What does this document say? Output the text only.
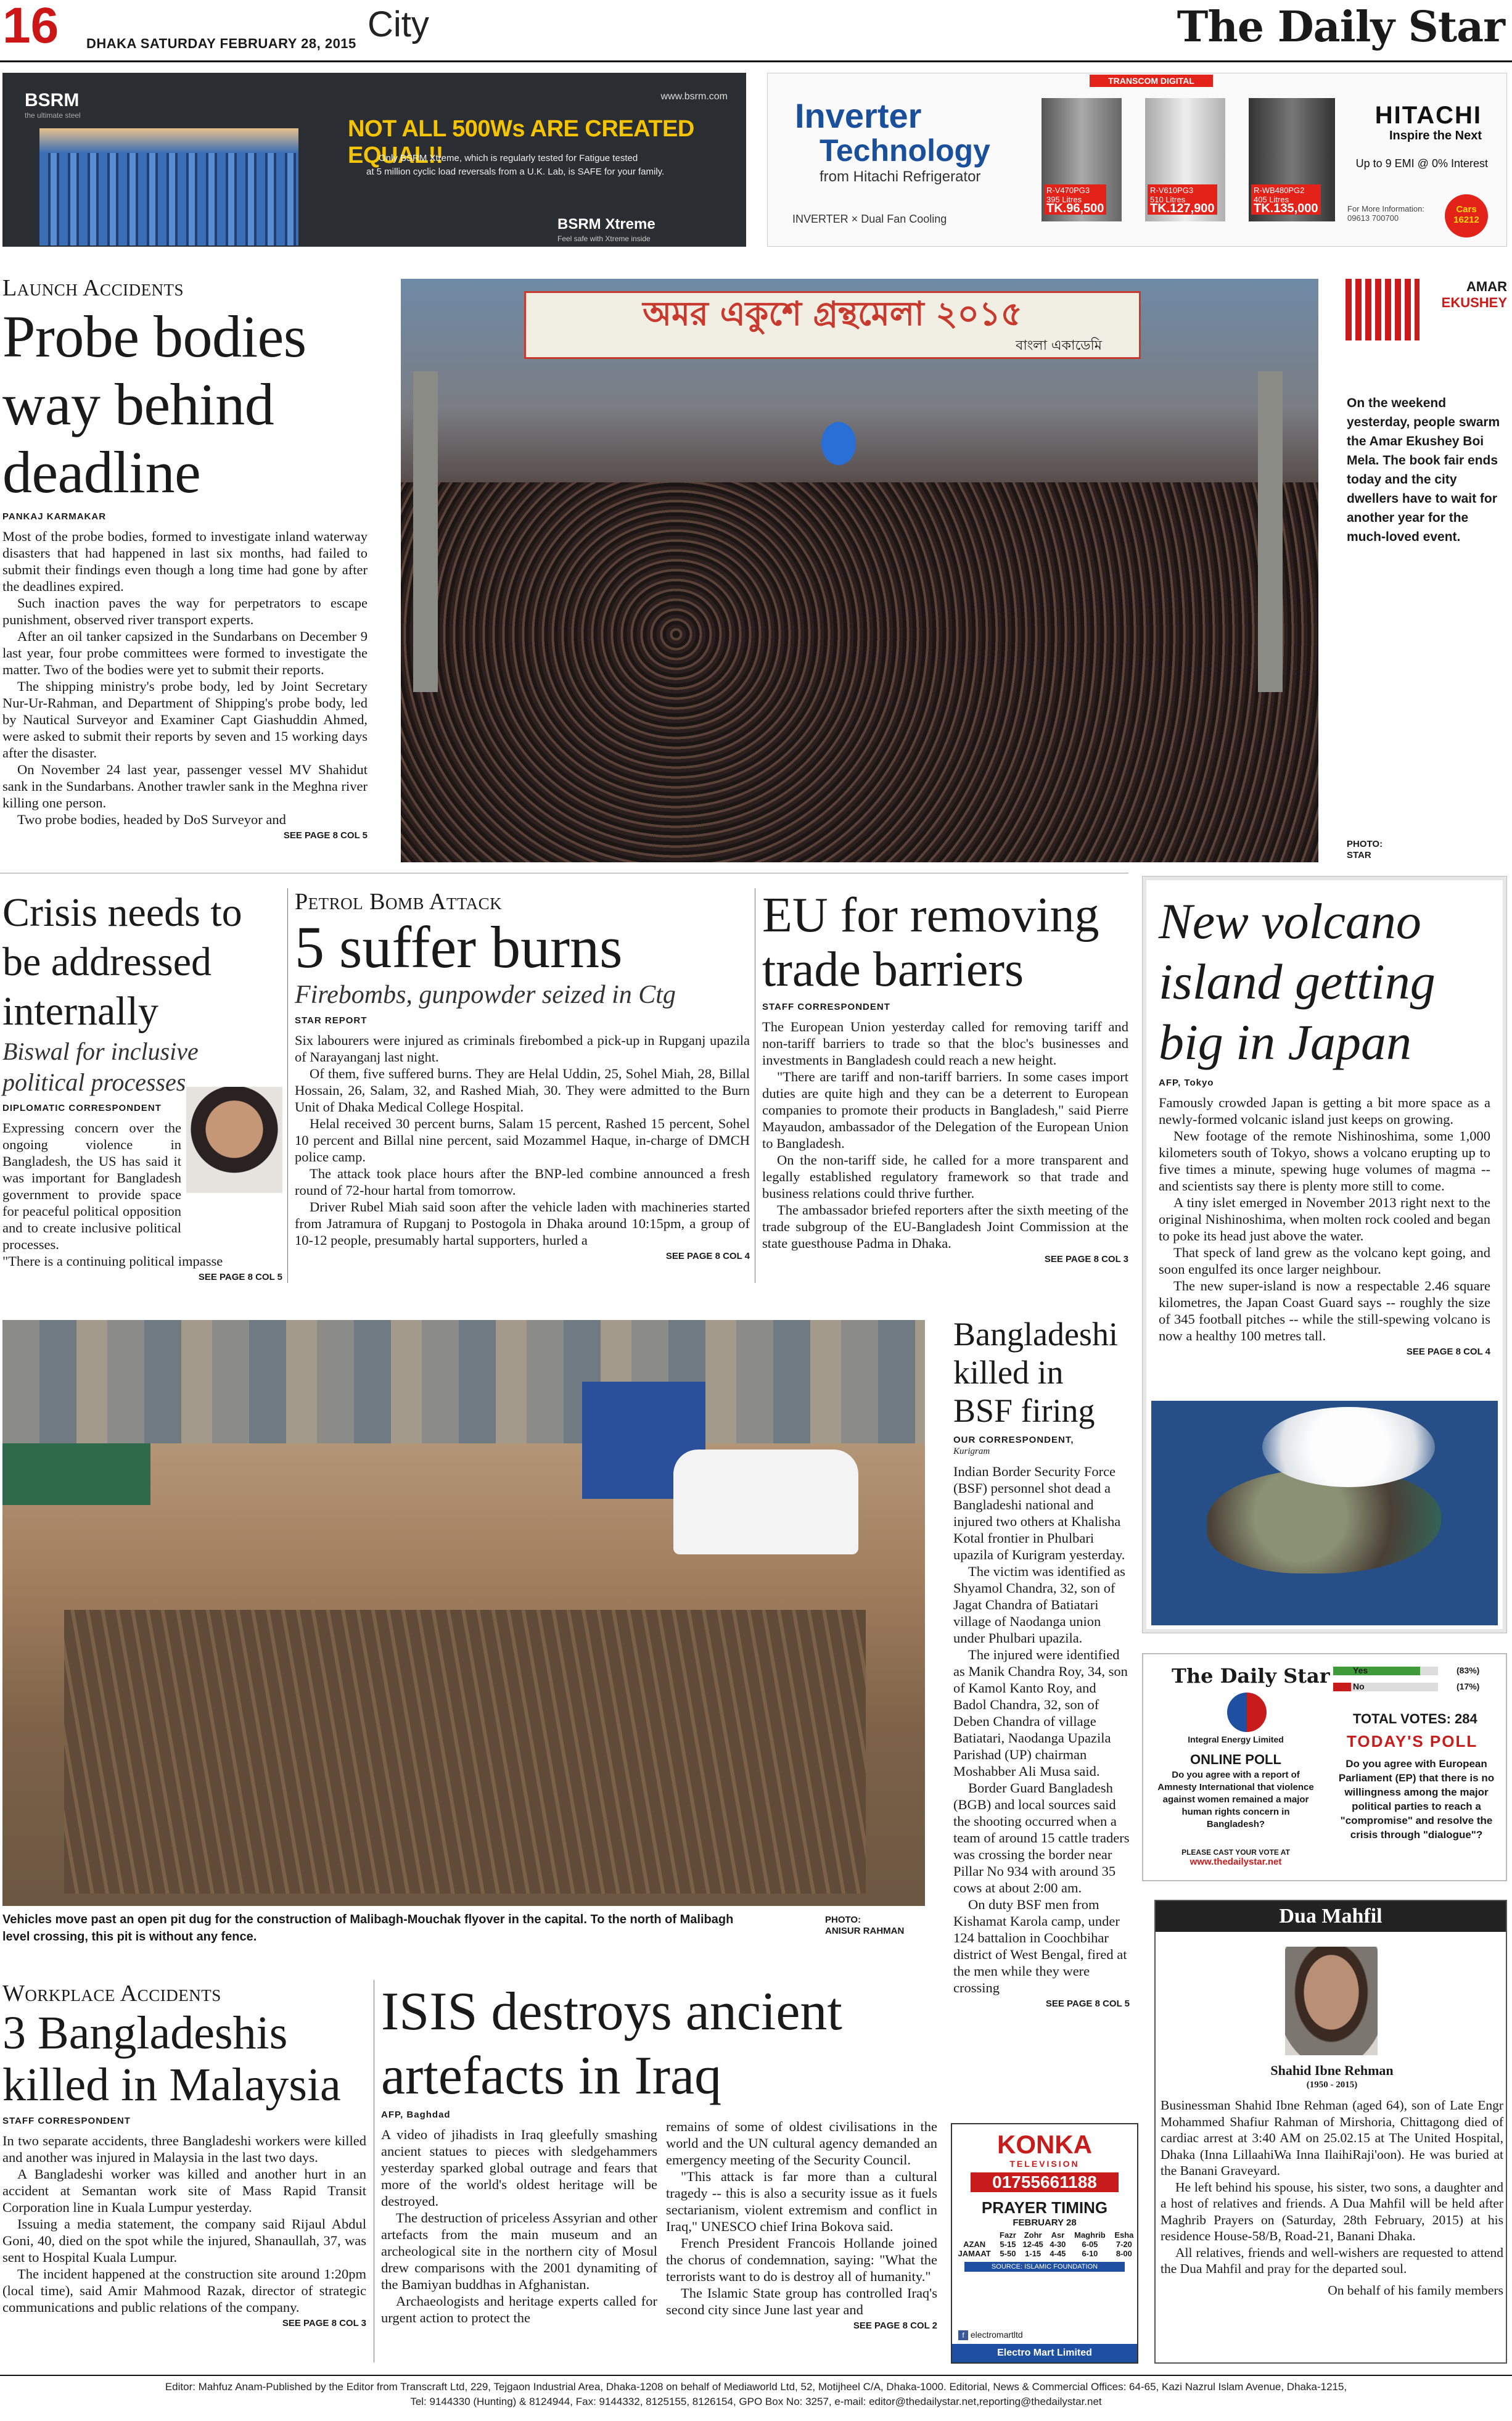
16 DHAKA SATURDAY FEBRUARY 28, 2015 City	The Daily Star
BSRM
the ultimate steel
www.bsrm.com
NOT ALL 500Ws ARE CREATED EQUAL!!
Only BSRM Xtreme, which is regularly tested for Fatigue tested
at 5 million cyclic load reversals from a U.K. Lab, is SAFE for your family.
BSRM Xtreme
Feel safe with Xtreme inside
TRANSCOM DIGITAL
Inverter
Technology
from Hitachi Refrigerator
INVERTER × Dual Fan Cooling
R-V470PG3
395 Litres
TK.96,500
R-V610PG3
510 Litres
TK.127,900
R-WB480PG2
405 Litres
TK.135,000
HITACHI
Inspire the Next
Up to 9 EMI @ 0% Interest
For More Information: 09613 700700
Cars 16212
Launch Accidents
Probe bodies way behind deadline
PANKAJ KARMAKAR

Most of the probe bodies, formed to investigate inland waterway disasters that had happened in last six months, had failed to submit their findings even though a long time had gone by after the deadlines expired.

Such inaction paves the way for perpetrators to escape punishment, observed river transport experts.

After an oil tanker capsized in the Sundarbans on December 9 last year, four probe committees were formed to investigate the matter. Two of the bodies were yet to submit their reports.

The shipping ministry's probe body, led by Joint Secretary Nur-Ur-Rahman, and Department of Shipping's probe body, led by Nautical Surveyor and Examiner Capt Giashuddin Ahmed, were asked to submit their reports by seven and 15 working days after the disaster.

On November 24 last year, passenger vessel MV Shahidut sank in the Sundarbans. Another trawler sank in the Meghna river killing one person.

Two probe bodies, headed by DoS Surveyor and

SEE PAGE 8 COL 5
অমর একুশে গ্রন্থমেলা ২০১৫
বাংলা একাডেমি
AMAR
EKUSHEY
On the weekend yesterday, people swarm the Amar Ekushey Boi Mela. The book fair ends today and the city dwellers have to wait for another year for the much-loved event.
PHOTO:
STAR
Crisis needs to be addressed internally
Biswal for inclusive political processes
DIPLOMATIC CORRESPONDENT

Expressing concern over the ongoing violence in Bangladesh, the US has said it was important for Bangladesh government to provide space for peaceful political opposition and to create inclusive political processes.

"There is a continuing political impasse

SEE PAGE 8 COL 5
Petrol Bomb Attack
5 suffer burns
Firebombs, gunpowder seized in Ctg
STAR REPORT

Six labourers were injured as criminals firebombed a pick-up in Rupganj upazila of Narayanganj last night.

Of them, five suffered burns. They are Helal Uddin, 25, Sohel Miah, 28, Billal Hossain, 26, Salam, 32, and Rashed Miah, 30. They were admitted to the Burn Unit of Dhaka Medical College Hospital.

Helal received 30 percent burns, Salam 15 percent, Rashed 15 percent, Sohel 10 percent and Billal nine percent, said Mozammel Haque, in-charge of DMCH police camp.

The attack took place hours after the BNP-led combine announced a fresh round of 72-hour hartal from tomorrow.

Driver Rubel Miah said soon after the vehicle laden with machineries started from Jatramura of Rupganj to Postogola in Dhaka around 10:15pm, a group of 10-12 people, presumably hartal supporters, hurled a

SEE PAGE 8 COL 4
EU for removing trade barriers
STAFF CORRESPONDENT

The European Union yesterday called for removing tariff and non-tariff barriers to trade so that the bloc's businesses and investments in Bangladesh could reach a new height.

"There are tariff and non-tariff barriers. In some cases import duties are quite high and they can be a deterrent to European companies to promote their products in Bangladesh," said Pierre Mayaudon, ambassador of the Delegation of the European Union to Bangladesh.

On the non-tariff side, he called for a more transparent and legally established regulatory framework so that trade and business relations could thrive further.

The ambassador briefed reporters after the sixth meeting of the trade subgroup of the EU-Bangladesh Joint Commission at the state guesthouse Padma in Dhaka.

SEE PAGE 8 COL 3
New volcano island getting big in Japan
AFP, Tokyo

Famously crowded Japan is getting a bit more space as a newly-formed volcanic island just keeps on growing.

New footage of the remote Nishinoshima, some 1,000 kilometers south of Tokyo, shows a volcano erupting up to five times a minute, spewing huge volumes of magma -- and scientists say there is plenty more still to come.

A tiny islet emerged in November 2013 right next to the original Nishinoshima, when molten rock cooled and began to poke its head just above the water.

That speck of land grew as the volcano kept going, and soon engulfed its once larger neighbour.

The new super-island is now a respectable 2.46 square kilometres, the Japan Coast Guard says -- roughly the size of 345 football pitches -- while the still-spewing volcano is now a healthy 100 metres tall.

SEE PAGE 8 COL 4
Vehicles move past an open pit dug for the construction of Malibagh-Mouchak flyover in the capital. To the north of Malibagh level crossing, this pit is without any fence.
PHOTO:
ANISUR RAHMAN
Bangladeshi killed in BSF firing
OUR CORRESPONDENT,
Kurigram

Indian Border Security Force (BSF) personnel shot dead a Bangladeshi national and injured two others at Khalisha Kotal frontier in Phulbari upazila of Kurigram yesterday.

The victim was identified as Shyamol Chandra, 32, son of Jagat Chandra of Batiatari village of Naodanga union under Phulbari upazila.

The injured were identified as Manik Chandra Roy, 34, son of Kamol Kanto Roy, and Badol Chandra, 32, son of Deben Chandra of village Batiatari, Naodanga Upazila Parishad (UP) chairman Moshabber Ali Musa said.

Border Guard Bangladesh (BGB) and local sources said the shooting occurred when a team of around 15 cattle traders was crossing the border near Pillar No 934 with around 35 cows at about 2:00 am.

On duty BSF men from Kishamat Karola camp, under 124 battalion in Coochbihar district of West Bengal, fired at the men while they were crossing

SEE PAGE 8 COL 5
The Daily Star
Integral Energy Limited
ONLINE POLL
Do you agree with a report of Amnesty International that violence against women remained a major human rights concern in Bangladesh?
PLEASE CAST YOUR VOTE AT
www.thedailystar.net
Yes	(83%)
No	(17%)
TOTAL VOTES: 284
TODAY'S POLL
Do you agree with European Parliament (EP) that there is no willingness among the major political parties to reach a "compromise" and resolve the crisis through "dialogue"?
Dua Mahfil
Shahid Ibne Rehman
(1950 - 2015)

Businessman Shahid Ibne Rehman (aged 64), son of Late Engr Mohammed Shafiur Rahman of Mirshoria, Chittagong died of cardiac arrest at 3:40 AM on 25.02.15 at The United Hospital, Dhaka (Inna LillaahiWa Inna IlaihiRaji'oon). He was buried at the Banani Graveyard.

He left behind his spouse, his sister, two sons, a daughter and a host of relatives and friends. A Dua Mahfil will be held after Maghrib Prayers on (Saturday, 28th February, 2015) at his residence House-58/B, Road-21, Banani Dhaka.

All relatives, friends and well-wishers are requested to attend the Dua Mahfil and pray for the departed soul.

On behalf of his family members
Workplace Accidents
3 Bangladeshis killed in Malaysia
STAFF CORRESPONDENT

In two separate accidents, three Bangladeshi workers were killed and another was injured in Malaysia in the last two days.

A Bangladeshi worker was killed and another hurt in an accident at Semantan work site of Mass Rapid Transit Corporation line in Kuala Lumpur yesterday.

Issuing a media statement, the company said Rijaul Abdul Goni, 40, died on the spot while the injured, Shanaullah, 37, was sent to Hospital Kuala Lumpur.

The incident happened at the construction site around 1:20pm (local time), said Amir Mahmood Razak, director of strategic communications and public relations of the company.

SEE PAGE 8 COL 3
ISIS destroys ancient artefacts in Iraq
AFP, Baghdad

A video of jihadists in Iraq gleefully smashing ancient statues to pieces with sledgehammers yesterday sparked global outrage and fears that more of the world's oldest heritage will be destroyed.

The destruction of priceless Assyrian and other artefacts from the main museum and an archeological site in the northern city of Mosul drew comparisons with the 2001 dynamiting of the Bamiyan buddhas in Afghanistan.

Archaeologists and heritage experts called for urgent action to protect the

remains of some of oldest civilisations in the world and the UN cultural agency demanded an emergency meeting of the Security Council.

"This attack is far more than a cultural tragedy -- this is also a security issue as it fuels sectarianism, violent extremism and conflict in Iraq," UNESCO chief Irina Bokova said.

French President Francois Hollande joined the chorus of condemnation, saying: "What the terrorists want to do is destroy all of humanity."

The Islamic State group has controlled Iraq's second city since June last year and

SEE PAGE 8 COL 2
KONKA
TELEVISION
01755661188
PRAYER TIMING
FEBRUARY 28
	Fazr	Zohr	Asr	Maghrib	Esha
AZAN	5-15	12-45	4-30	6-05	7-20
JAMAAT	5-50	1-15	4-45	6-10	8-00
SOURCE: ISLAMIC FOUNDATION
f electromartltd
Electro Mart Limited
Editor: Mahfuz Anam-Published by the Editor from Transcraft Ltd, 229, Tejgaon Industrial Area, Dhaka-1208 on behalf of Mediaworld Ltd, 52, Motijheel C/A, Dhaka-1000. Editorial, News & Commercial Offices: 64-65, Kazi Nazrul Islam Avenue, Dhaka-1215,
Tel: 9144330 (Hunting) & 8124944, Fax: 9144332, 8125155, 8126154, GPO Box No: 3257, e-mail: editor@thedailystar.net,reporting@thedailystar.net
